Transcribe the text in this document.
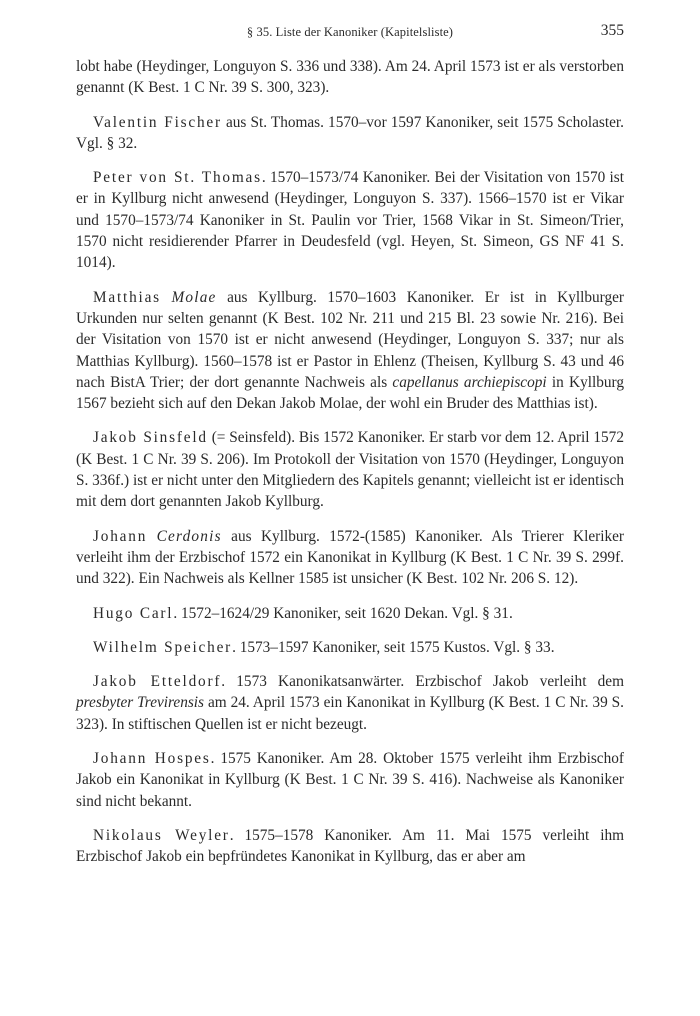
§ 35. Liste der Kanoniker (Kapitelsliste)	355

lobt habe (Heydinger, Longuyon S. 336 und 338). Am 24. April 1573 ist er als verstorben genannt (K Best. 1 C Nr. 39 S. 300, 323).

Valentin Fischer aus St. Thomas. 1570–vor 1597 Kanoniker, seit 1575 Scholaster. Vgl. § 32.

Peter von St. Thomas. 1570–1573/74 Kanoniker. Bei der Visitation von 1570 ist er in Kyllburg nicht anwesend (Heydinger, Longuyon S. 337). 1566–1570 ist er Vikar und 1570–1573/74 Kanoniker in St. Paulin vor Trier, 1568 Vikar in St. Simeon/Trier, 1570 nicht residierender Pfarrer in Deudesfeld (vgl. Heyen, St. Simeon, GS NF 41 S. 1014).

Matthias Molae aus Kyllburg. 1570–1603 Kanoniker. Er ist in Kyllburger Urkunden nur selten genannt (K Best. 102 Nr. 211 und 215 Bl. 23 sowie Nr. 216). Bei der Visitation von 1570 ist er nicht anwesend (Heydinger, Longuyon S. 337; nur als Matthias Kyllburg). 1560–1578 ist er Pastor in Ehlenz (Theisen, Kyllburg S. 43 und 46 nach BistA Trier; der dort genannte Nachweis als capellanus archiepiscopi in Kyllburg 1567 bezieht sich auf den Dekan Jakob Molae, der wohl ein Bruder des Matthias ist).

Jakob Sinsfeld (= Seinsfeld). Bis 1572 Kanoniker. Er starb vor dem 12. April 1572 (K Best. 1 C Nr. 39 S. 206). Im Protokoll der Visitation von 1570 (Heydinger, Longuyon S. 336f.) ist er nicht unter den Mitgliedern des Kapitels genannt; vielleicht ist er identisch mit dem dort genannten Jakob Kyllburg.

Johann Cerdonis aus Kyllburg. 1572-(1585) Kanoniker. Als Trierer Kleriker verleiht ihm der Erzbischof 1572 ein Kanonikat in Kyllburg (K Best. 1 C Nr. 39 S. 299f. und 322). Ein Nachweis als Kellner 1585 ist unsicher (K Best. 102 Nr. 206 S. 12).

Hugo Carl. 1572–1624/29 Kanoniker, seit 1620 Dekan. Vgl. § 31.

Wilhelm Speicher. 1573–1597 Kanoniker, seit 1575 Kustos. Vgl. § 33.

Jakob Etteldorf. 1573 Kanonikatsanwärter. Erzbischof Jakob verleiht dem presbyter Trevirensis am 24. April 1573 ein Kanonikat in Kyllburg (K Best. 1 C Nr. 39 S. 323). In stiftischen Quellen ist er nicht bezeugt.

Johann Hospes. 1575 Kanoniker. Am 28. Oktober 1575 verleiht ihm Erzbischof Jakob ein Kanonikat in Kyllburg (K Best. 1 C Nr. 39 S. 416). Nachweise als Kanoniker sind nicht bekannt.

Nikolaus Weyler. 1575–1578 Kanoniker. Am 11. Mai 1575 verleiht ihm Erzbischof Jakob ein bepfründetes Kanonikat in Kyllburg, das er aber am
